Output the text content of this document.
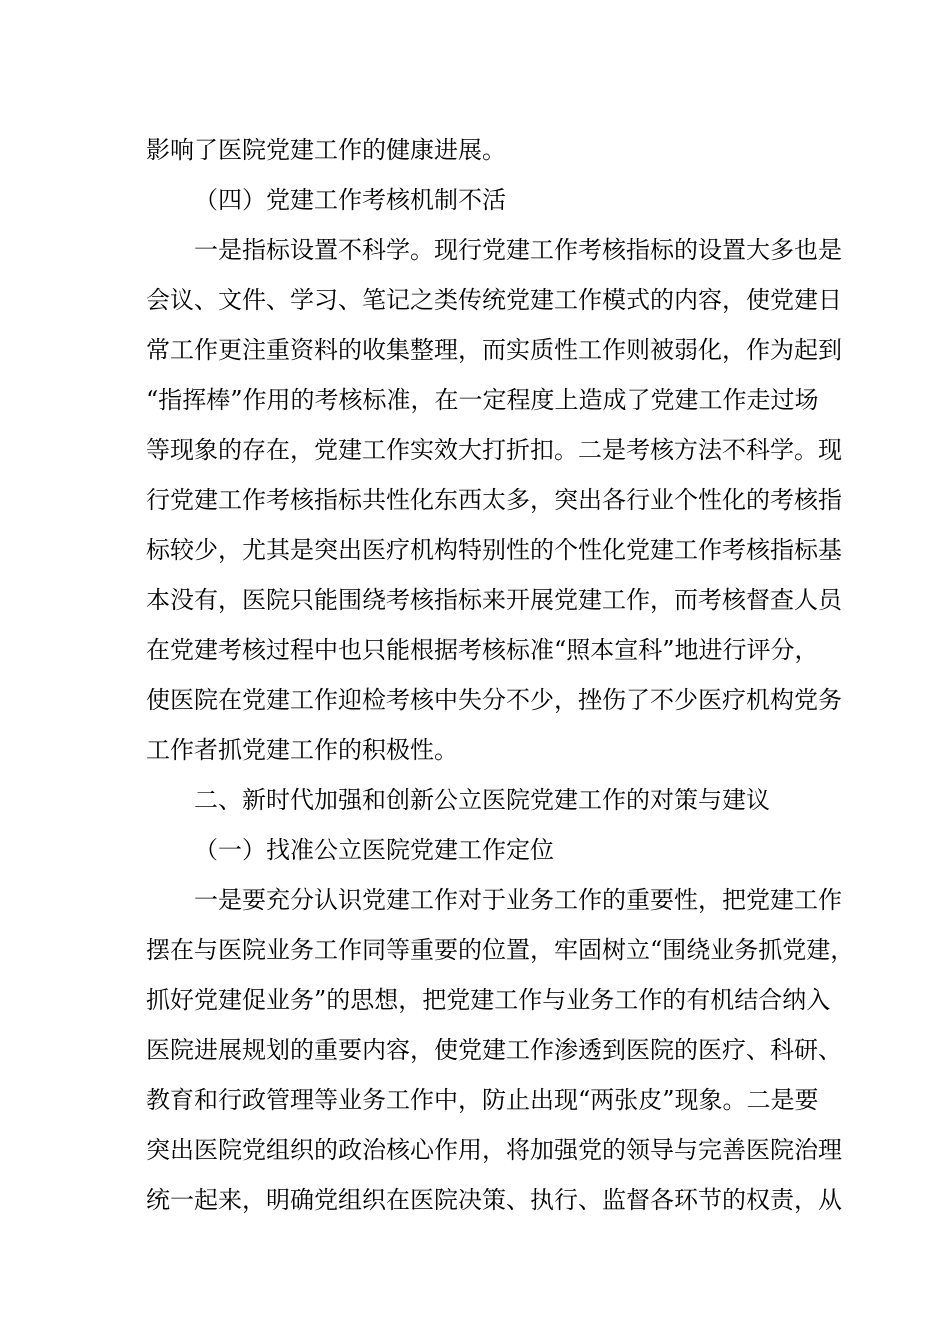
影响了医院党建工作的健康进展。
（四）党建工作考核机制不活
一是指标设置不科学。现行党建工作考核指标的设置大多也是
会议、文件、学习、笔记之类传统党建工作模式的内容，使党建日
常工作更注重资料的收集整理，而实质性工作则被弱化，作为起到
“指挥棒”作用的考核标准，在一定程度上造成了党建工作走过场
等现象的存在，党建工作实效大打折扣。二是考核方法不科学。现
行党建工作考核指标共性化东西太多，突出各行业个性化的考核指
标较少，尤其是突出医疗机构特别性的个性化党建工作考核指标基
本没有，医院只能围绕考核指标来开展党建工作，而考核督查人员
在党建考核过程中也只能根据考核标准“照本宣科”地进行评分，
使医院在党建工作迎检考核中失分不少，挫伤了不少医疗机构党务
工作者抓党建工作的积极性。
二、新时代加强和创新公立医院党建工作的对策与建议
（一）找准公立医院党建工作定位
一是要充分认识党建工作对于业务工作的重要性，把党建工作
摆在与医院业务工作同等重要的位置，牢固树立“围绕业务抓党建，
抓好党建促业务”的思想，把党建工作与业务工作的有机结合纳入
医院进展规划的重要内容，使党建工作渗透到医院的医疗、科研、
教育和行政管理等业务工作中，防止出现“两张皮”现象。二是要
突出医院党组织的政治核心作用，将加强党的领导与完善医院治理
统一起来，明确党组织在医院决策、执行、监督各环节的权责，从
